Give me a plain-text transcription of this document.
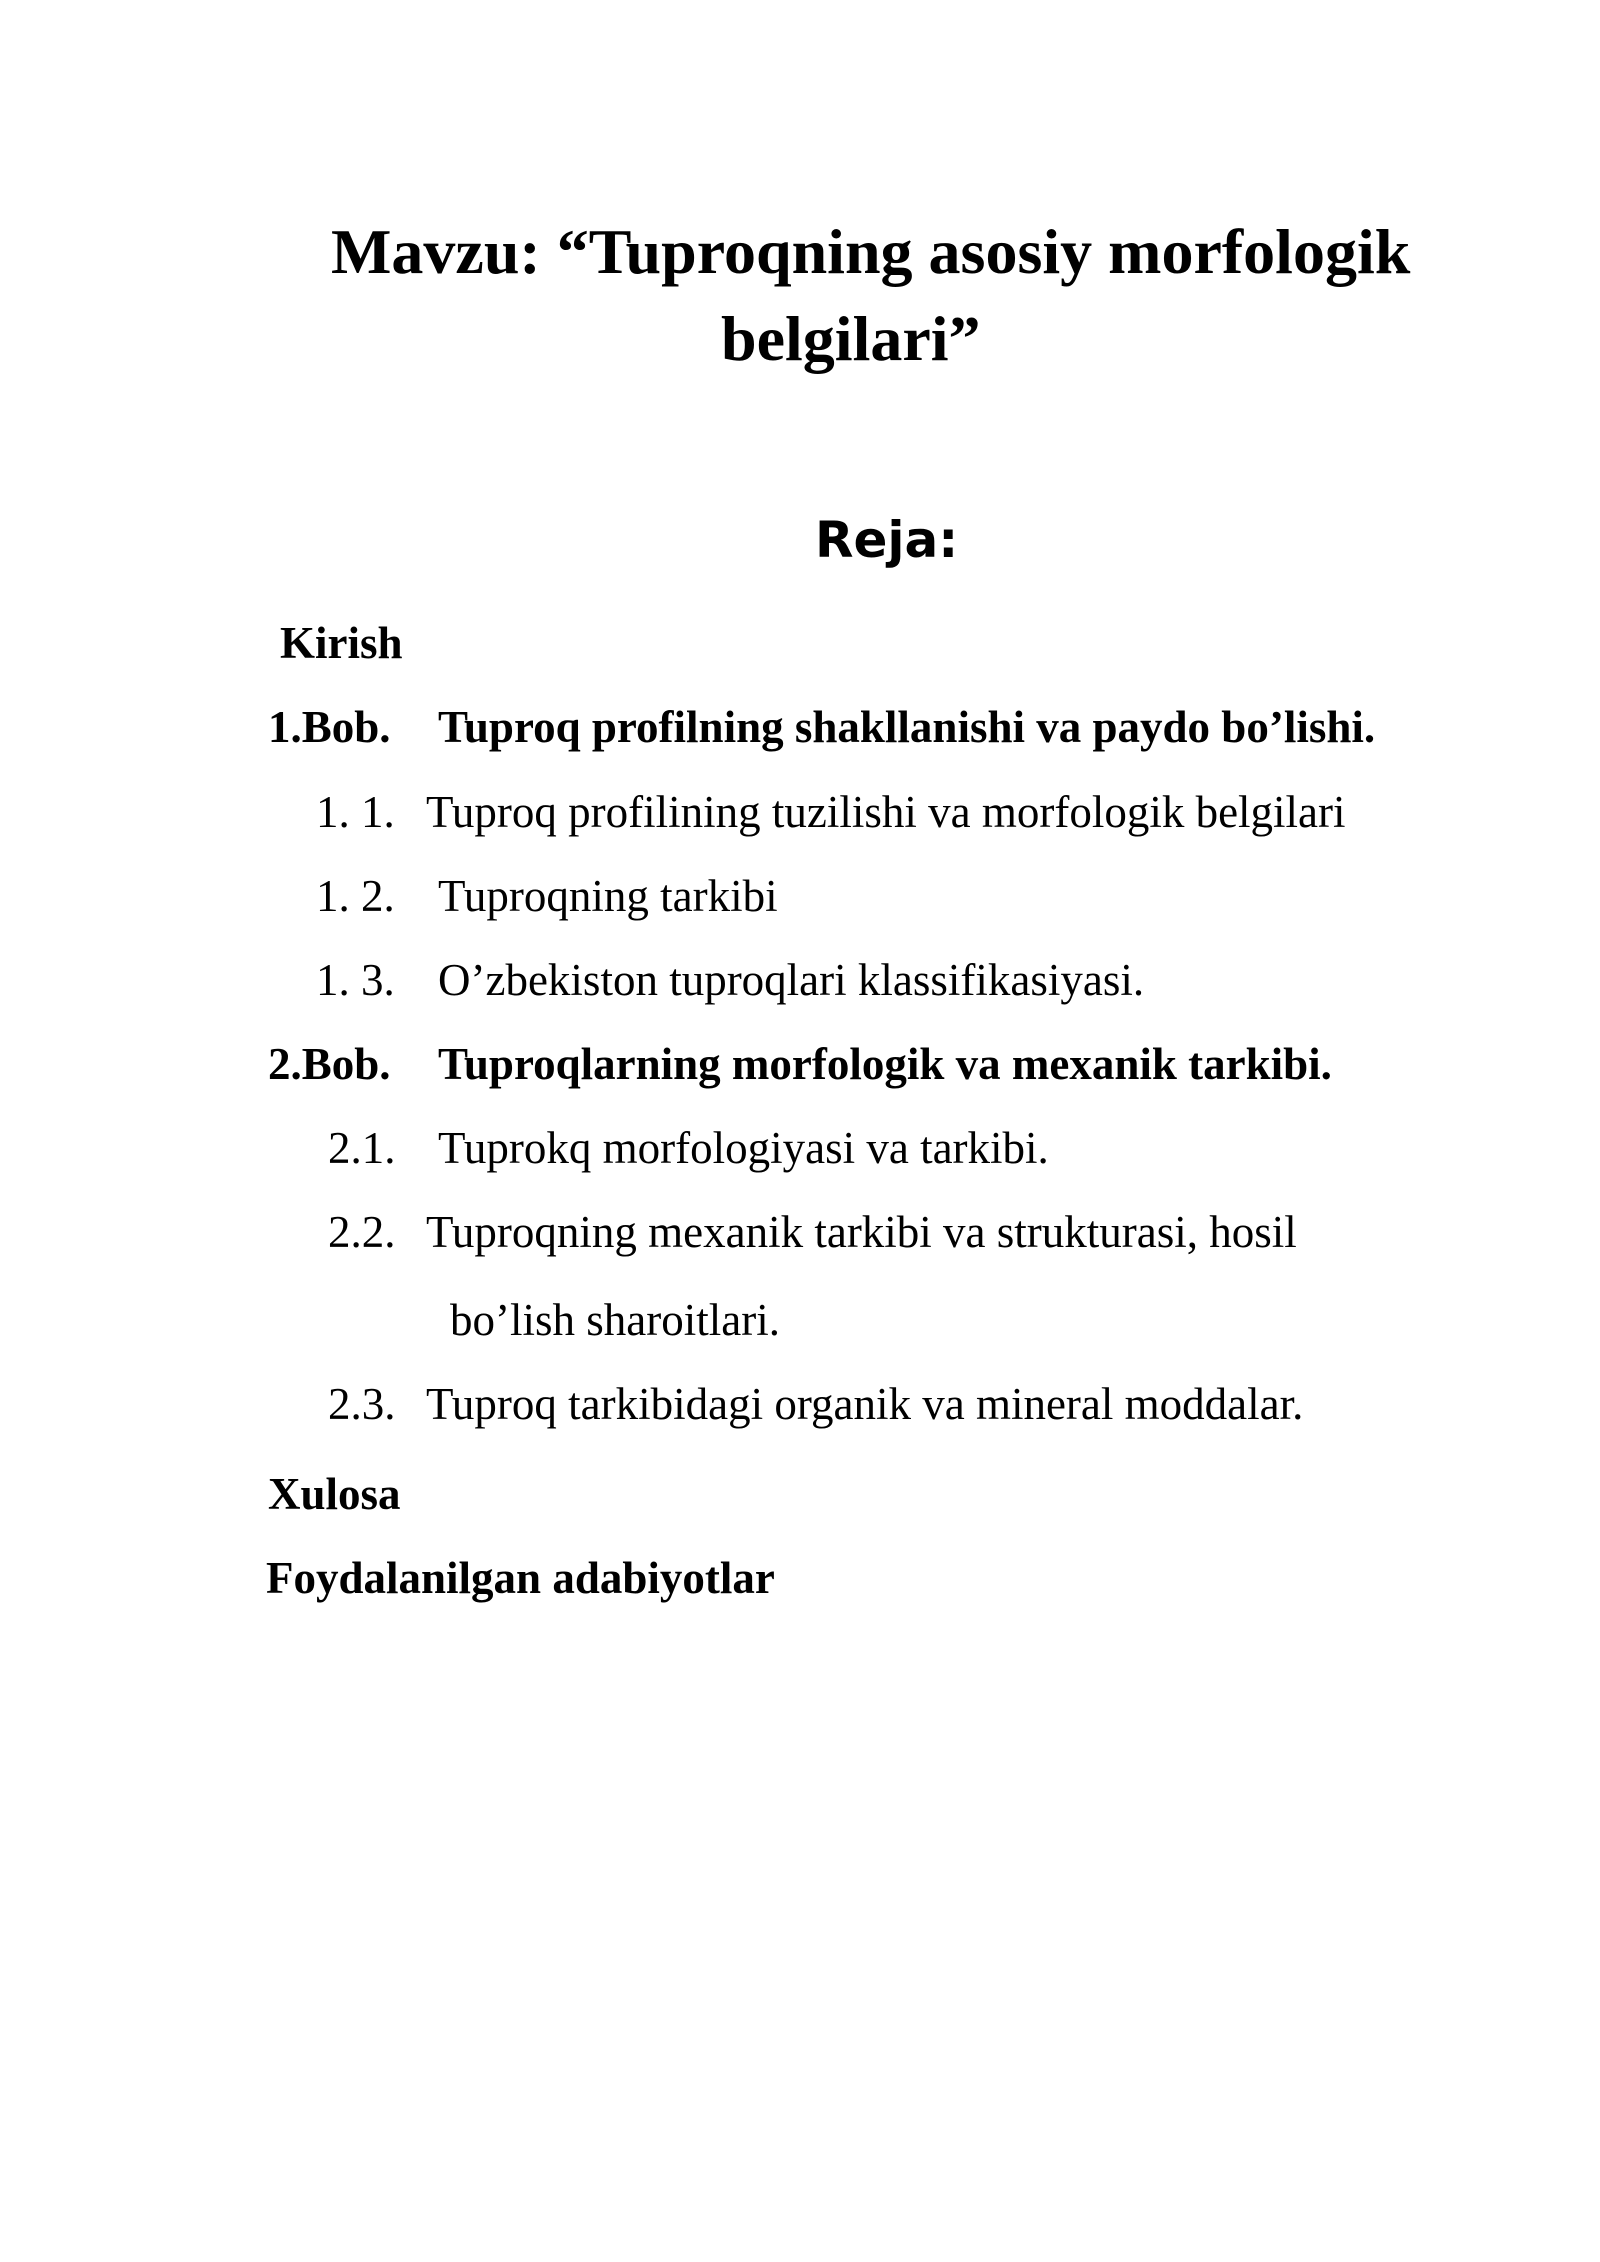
Mavzu: “Tuproqning asosiy morfologik
belgilari”
Reja:
Kirish
1.Bob. Tuproq profilning shakllanishi va paydo bo’lishi.
1. 1. Tuproq profilining tuzilishi va morfologik belgilari
1. 2. Tuproqning tarkibi
1. 3. O’zbekiston tuproqlari klassifikasiyasi.
2.Bob. Tuproqlarning morfologik va mexanik tarkibi.
2.1. Tuprokq morfologiyasi va tarkibi.
2.2. Tuproqning mexanik tarkibi va strukturasi, hosil
bo’lish sharoitlari.
2.3. Tuproq tarkibidagi organik va mineral moddalar.
Xulosa
Foydalanilgan adabiyotlar
